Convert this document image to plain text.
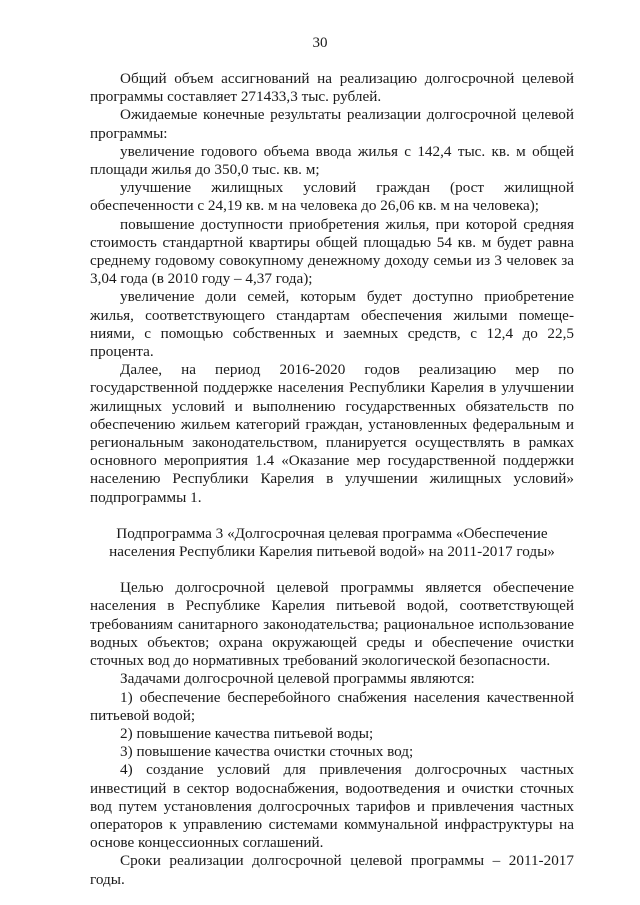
30

Общий объем ассигнований на реализацию долгосрочной целевой программы составляет 271433,3 тыс. рублей.

Ожидаемые конечные результаты реализации долгосрочной целевой программы:

увеличение годового объема ввода жилья с 142,4 тыс. кв. м общей площади жилья до 350,0 тыс. кв. м;

улучшение жилищных условий граждан (рост жилищной обеспеченности с 24,19 кв. м на человека до 26,06 кв. м на человека);

повышение доступности приобретения жилья, при которой средняя стоимость стандартной квартиры общей площадью 54 кв. м будет равна среднему годовому совокупному денежному доходу семьи из 3 человек за 3,04 года (в 2010 году – 4,37 года);

увеличение доли семей, которым будет доступно приобретение жилья, соответствующего стандартам обеспечения жилыми помещениями, с помощью собственных и заемных средств, с 12,4 до 22,5 процента.

Далее, на период 2016-2020 годов реализацию мер по государственной поддержке населения Республики Карелия в улучшении жилищных условий и выполнению государственных обязательств по обеспечению жильем категорий граждан, установленных федеральным и региональным законодательством, планируется осуществлять в рамках основного мероприятия 1.4 «Оказание мер государственной поддержки населению Республики Карелия в улучшении жилищных условий» подпрограммы 1.

Подпрограмма 3 «Долгосрочная целевая программа «Обеспечение населения Республики Карелия питьевой водой» на 2011-2017 годы»

Целью долгосрочной целевой программы является обеспечение населения в Республике Карелия питьевой водой, соответствующей требованиям санитарного законодательства; рациональное использование водных объектов; охрана окружающей среды и обеспечение очистки сточных вод до нормативных требований экологической безопасности.

Задачами долгосрочной целевой программы являются:

1) обеспечение бесперебойного снабжения населения качественной питьевой водой;

2) повышение качества питьевой воды;

3) повышение качества очистки сточных вод;

4) создание условий для привлечения долгосрочных частных инвестиций в сектор водоснабжения, водоотведения и очистки сточных вод путем установления долгосрочных тарифов и привлечения частных операторов к управлению системами коммунальной инфраструктуры на основе концессионных соглашений.

Сроки реализации долгосрочной целевой программы – 2011-2017 годы.
